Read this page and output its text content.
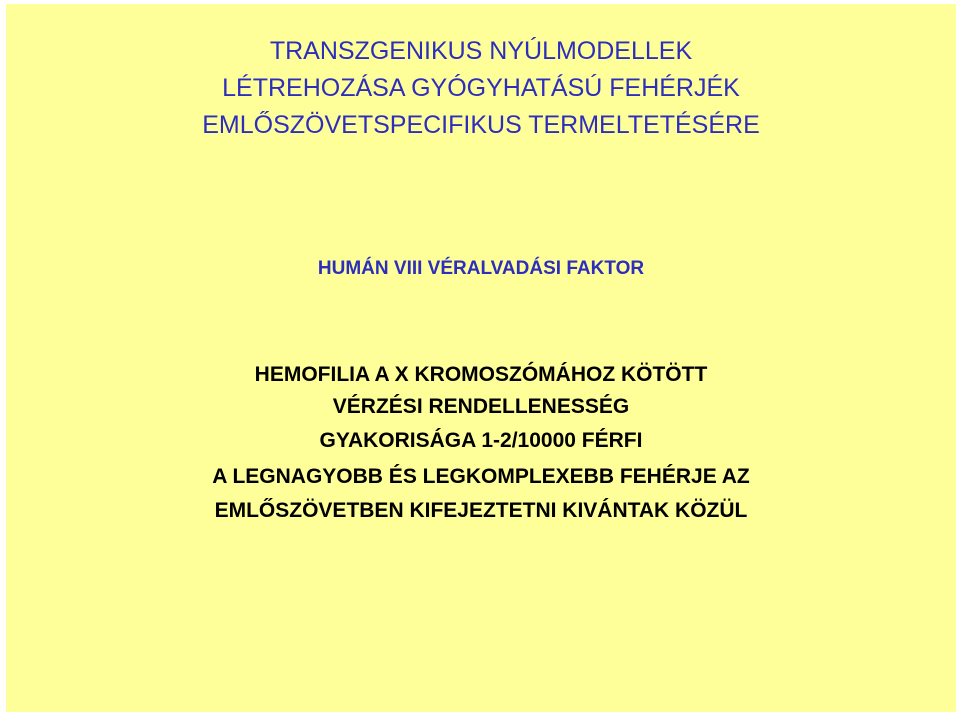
TRANSZGENIKUS NYÚLMODELLEK
LÉTREHOZÁSA GYÓGYHATÁSÚ FEHÉRJÉK
EMLŐSZÖVETSPECIFIKUS TERMELTETÉSÉRE
HUMÁN VIII VÉRALVADÁSI FAKTOR
HEMOFILIA A X KROMOSZÓMÁHOZ KÖTÖTT
VÉRZÉSI RENDELLENESSÉG
GYAKORISÁGA 1-2/10000 FÉRFI
A LEGNAGYOBB ÉS LEGKOMPLEXEBB FEHÉRJE AZ
EMLŐSZÖVETBEN KIFEJEZTETNI KIVÁNTAK KÖZÜL
